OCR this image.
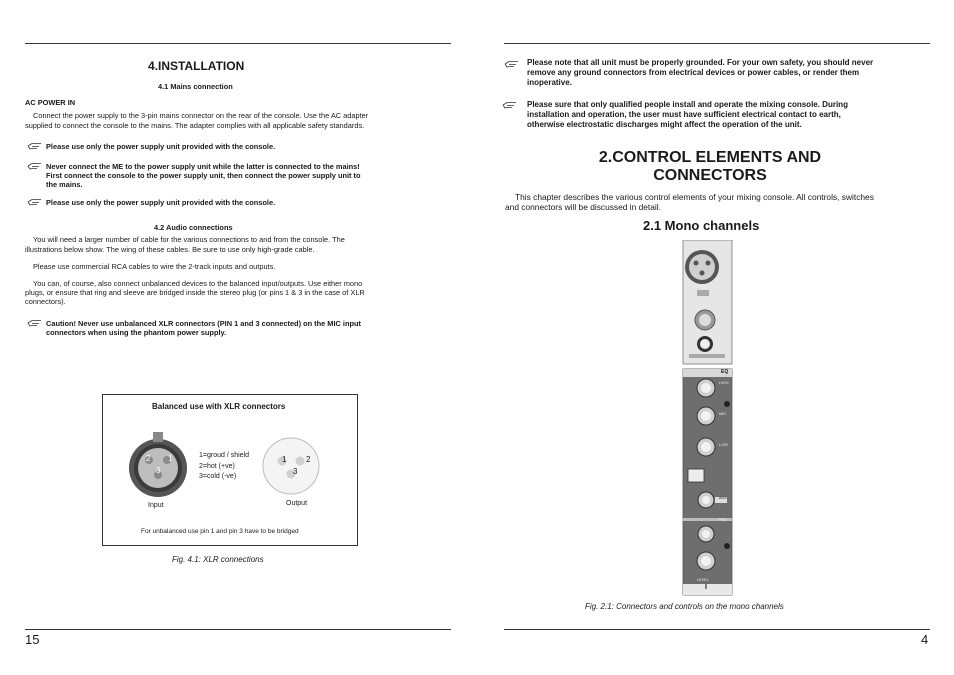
4.INSTALLATION
4.1 Mains connection
AC POWER IN
Connect the power supply to the 3-pin mains connector on the rear of the console. Use the AC adapter
supplied to connect the console to the mains. The adapter complies with all applicable safety standards.
Please use only the power supply unit provided with the console.
Never connect the ME to the power supply unit while the latter is connected to the mains!
First connect the console to the power supply unit, then connect the power supply unit to
the mains.
Please use only the power supply unit provided with the console.
4.2 Audio connections
You will need a larger number of cable for the various connections to and from the console. The
illustrations below show. The wing of these cables. Be sure to use only high-grade cable.
Please use commercial RCA cables to wire the 2-track inputs and outputs.
You can, of course, also connect unbalanced devices to the balanced input/outputs. Use either mono
plugs, or ensure that ring and sleeve are bridged inside the stereo plug (or pins 1 & 3 in the case of XLR
connectors).
Caution! Never use unbalanced XLR connectors (PIN 1 and 3 connected) on the MIC input
connectors when using the phantom power supply.
Balanced use with XLR connectors
2 1
3
Input
1=groud / shield
2=hot (+ve)
3=cold (-ve)
1 2
3
Output
For unbalanced use pin 1 and pin 3 have to be bridged
Fig. 4.1: XLR connections
15
Please note that all unit must be properly grounded. For your own safety, you should never
remove any ground connectors from electrical devices or power cables, or render them
inoperative.
Please sure that only qualified people install and operate the mixing console. During
installation and operation, the user must have sufficient electrical contact to earth,
otherwise electrostatic discharges might affect the operation of the unit.
2.CONTROL ELEMENTS AND
CONNECTORS
This chapter describes the various control elements of your mixing console. All controls, switches
and connectors will be discussed in detail.
2.1 Mono channels
EQ
HIGH
MID
LOW
AUX
PAN
LEVEL
I
Fig. 2.1: Connectors and controls on the mono channels
4
